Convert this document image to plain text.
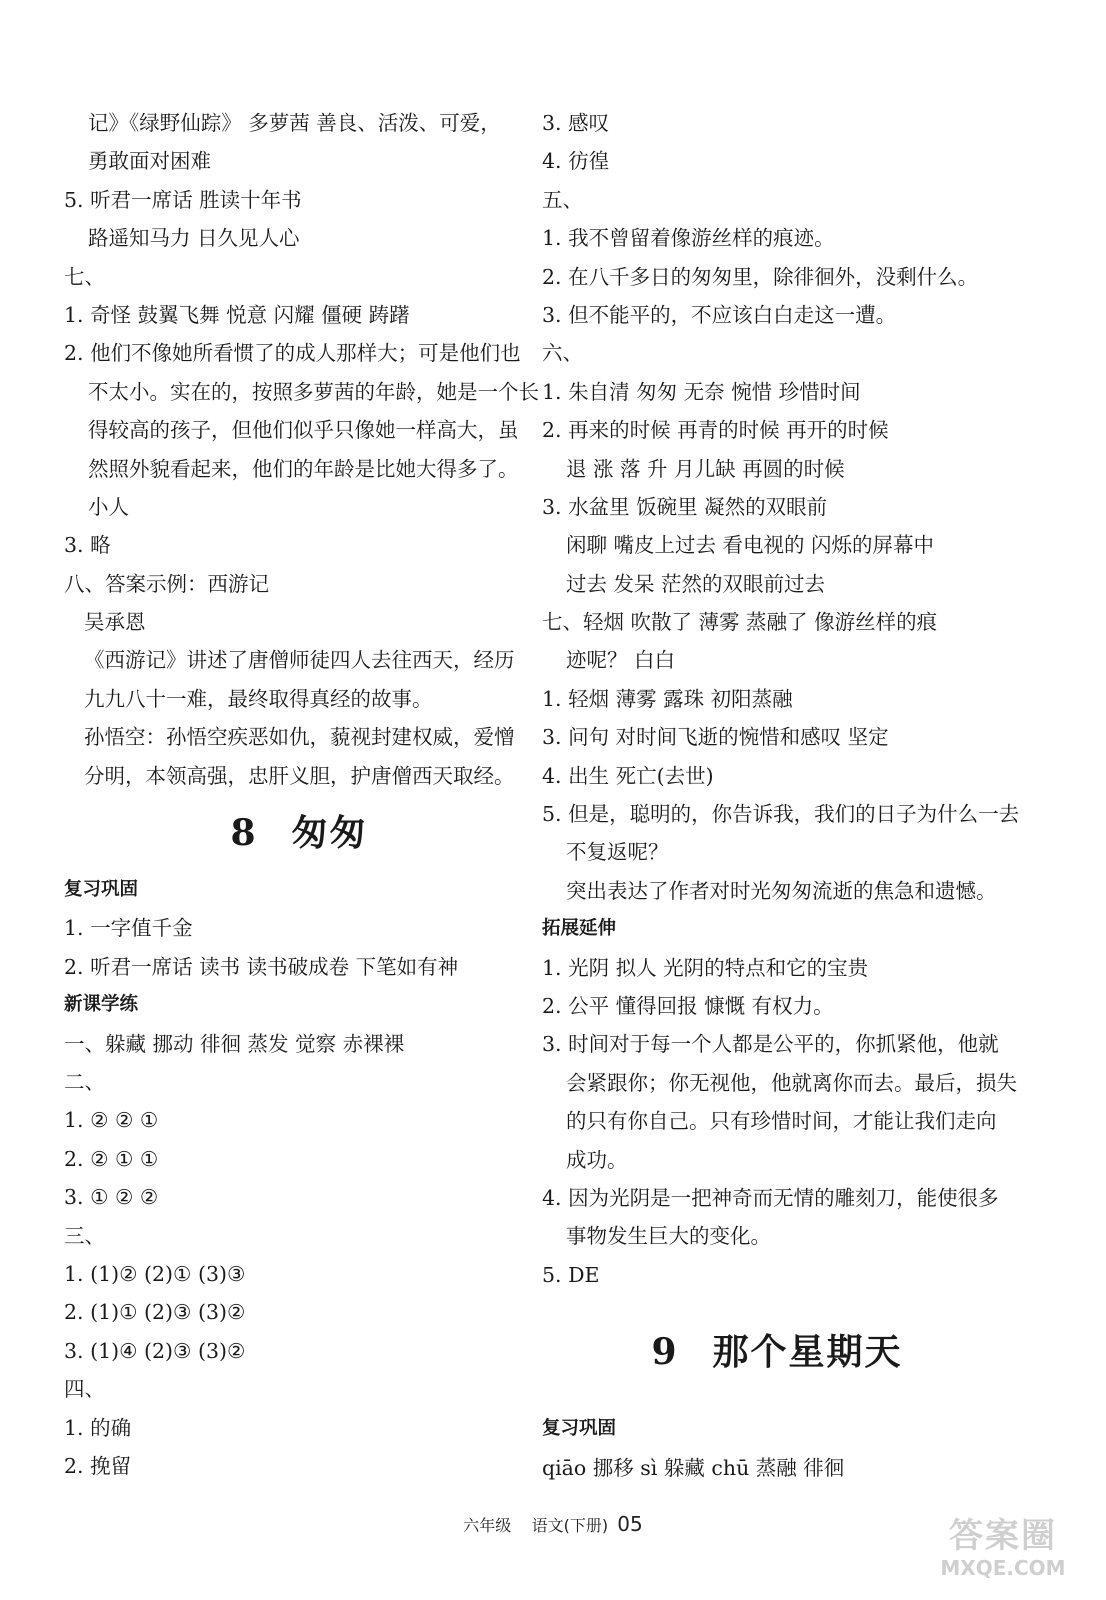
记》《绿野仙踪》 多萝茜 善良、活泼、可爱，
勇敢面对困难
5. 听君一席话 胜读十年书
路遥知马力 日久见人心
七、
1. 奇怪 鼓翼飞舞 悦意 闪耀 僵硬 踌躇
2. 他们不像她所看惯了的成人那样大；可是他们也
不太小。实在的，按照多萝茜的年龄，她是一个长
得较高的孩子，但他们似乎只像她一样高大，虽
然照外貌看起来，他们的年龄是比她大得多了。
小人
3. 略
八、答案示例：西游记
吴承恩
《西游记》讲述了唐僧师徒四人去往西天，经历
九九八十一难，最终取得真经的故事。
孙悟空：孙悟空疾恶如仇，藐视封建权威，爱憎
分明，本领高强，忠肝义胆，护唐僧西天取经。
8 匆匆
复习巩固
1. 一字值千金
2. 听君一席话 读书 读书破成卷 下笔如有神
新课学练
一、躲藏 挪动 徘徊 蒸发 觉察 赤裸裸
二、
1. ② ② ①
2. ② ① ①
3. ① ② ②
三、
1. (1)② (2)① (3)③
2. (1)① (2)③ (3)②
3. (1)④ (2)③ (3)②
四、
1. 的确
2. 挽留
3. 感叹
4. 彷徨
五、
1. 我不曾留着像游丝样的痕迹。
2. 在八千多日的匆匆里，除徘徊外，没剩什么。
3. 但不能平的，不应该白白走这一遭。
六、
1. 朱自清 匆匆 无奈 惋惜 珍惜时间
2. 再来的时候 再青的时候 再开的时候
退 涨 落 升 月儿缺 再圆的时候
3. 水盆里 饭碗里 凝然的双眼前
闲聊 嘴皮上过去 看电视的 闪烁的屏幕中
过去 发呆 茫然的双眼前过去
七、轻烟 吹散了 薄雾 蒸融了 像游丝样的痕
迹呢？ 白白
1. 轻烟 薄雾 露珠 初阳蒸融
3. 问句 对时间飞逝的惋惜和感叹 坚定
4. 出生 死亡(去世)
5. 但是，聪明的，你告诉我，我们的日子为什么一去
不复返呢？
突出表达了作者对时光匆匆流逝的焦急和遗憾。
拓展延伸
1. 光阴 拟人 光阴的特点和它的宝贵
2. 公平 懂得回报 慷慨 有权力。
3. 时间对于每一个人都是公平的，你抓紧他，他就
会紧跟你；你无视他，他就离你而去。最后，损失
的只有你自己。只有珍惜时间，才能让我们走向
成功。
4. 因为光阴是一把神奇而无情的雕刻刀，能使很多
事物发生巨大的变化。
5. DE
9 那个星期天
复习巩固
qiāo 挪移 sì 躲藏 chū 蒸融 徘徊
六年级 语文(下册) 05	答案圈
MXQE.COM
